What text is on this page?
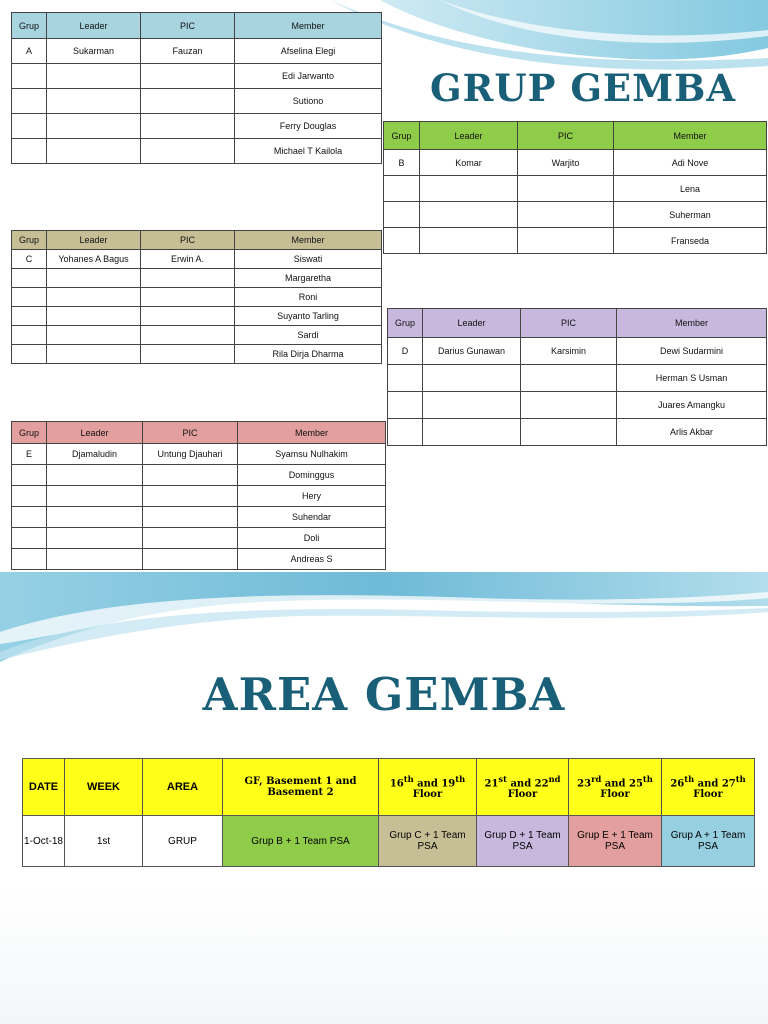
GRUP GEMBA
Grup	Leader	PIC	Member
A	Sukarman	Fauzan	Afselina Elegi
			Edi Jarwanto
			Sutiono
			Ferry Douglas
			Michael T Kailola
Grup	Leader	PIC	Member
B	Komar	Warjito	Adi Nove
			Lena
			Suherman
			Franseda
Grup	Leader	PIC	Member
C	Yohanes A Bagus	Erwin A.	Siswati
			Margaretha
			Roni
			Suyanto Tarling
			Sardi
			Rila Dirja Dharma
Grup	Leader	PIC	Member
D	Darius Gunawan	Karsimin	Dewi Sudarmini
			Herman S Usman
			Juares Amangku
			Arlis Akbar
Grup	Leader	PIC	Member
E	Djamaludin	Untung Djauhari	Syamsu Nulhakim
			Dominggus
			Hery
			Suhendar
			Doli
			Andreas S
AREA GEMBA
DATE	WEEK	AREA	GF, Basement 1 and Basement 2	16th and 19th Floor	21st and 22nd Floor	23rd and 25th Floor	26th and 27th Floor
1-Oct-18	1st	GRUP	Grup B + 1 Team PSA	Grup C + 1 Team PSA	Grup D + 1 Team PSA	Grup E + 1 Team PSA	Grup A + 1 Team PSA
